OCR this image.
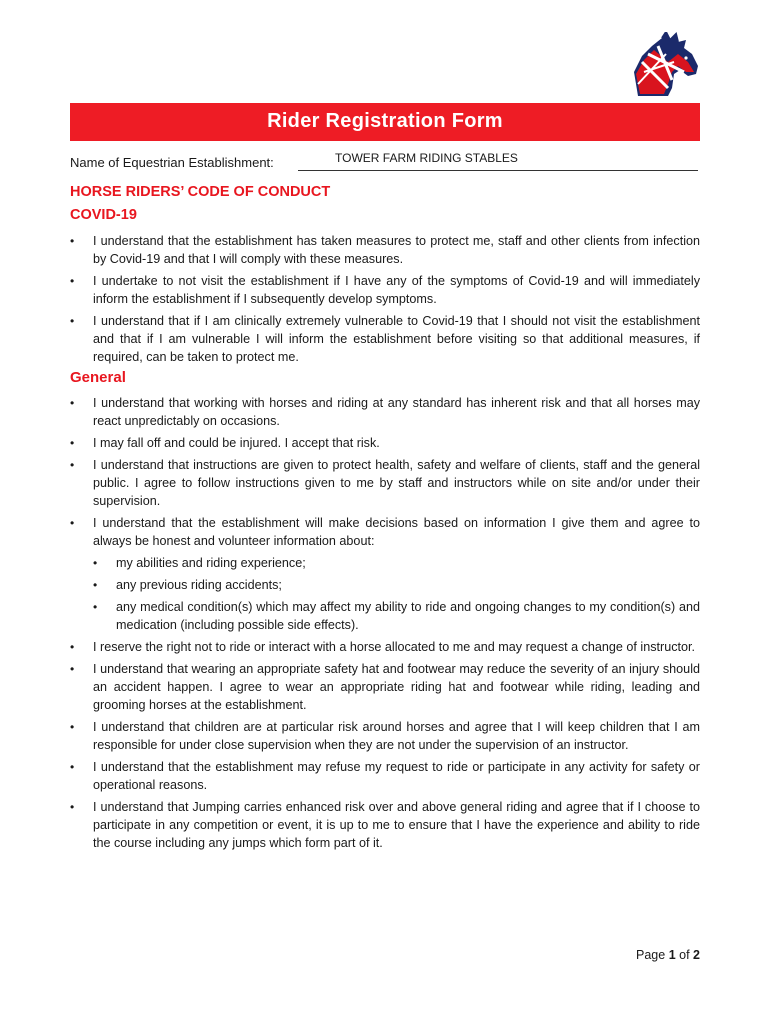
Rider Registration Form
Name of Equestrian Establishment:	TOWER FARM RIDING STABLES
HORSE RIDERS’ CODE OF CONDUCT
COVID-19
•	I understand that the establishment has taken measures to protect me, staff and other clients from infection by Covid-19 and that I will comply with these measures.
•	I undertake to not visit the establishment if I have any of the symptoms of Covid-19 and will immediately inform the establishment if I subsequently develop symptoms.
•	I understand that if I am clinically extremely vulnerable to Covid-19 that I should not visit the establishment and that if I am vulnerable I will inform the establishment before visiting so that additional measures, if required, can be taken to protect me.
General
•	I understand that working with horses and riding at any standard has inherent risk and that all horses may react unpredictably on occasions.
•	I may fall off and could be injured. I accept that risk.
•	I understand that instructions are given to protect health, safety and welfare of clients, staff and the general public. I agree to follow instructions given to me by staff and instructors while on site and/or under their supervision.
•	I understand that the establishment will make decisions based on information I give them and agree to always be honest and volunteer information about:
•	my abilities and riding experience;
•	any previous riding accidents;
•	any medical condition(s) which may affect my ability to ride and ongoing changes to my condition(s) and medication (including possible side effects).
•	I reserve the right not to ride or interact with a horse allocated to me and may request a change of instructor.
•	I understand that wearing an appropriate safety hat and footwear may reduce the severity of an injury should an accident happen. I agree to wear an appropriate riding hat and footwear while riding, leading and grooming horses at the establishment.
•	I understand that children are at particular risk around horses and agree that I will keep children that I am responsible for under close supervision when they are not under the supervision of an instructor.
•	I understand that the establishment may refuse my request to ride or participate in any activity for safety or operational reasons.
•	I understand that Jumping carries enhanced risk over and above general riding and agree that if I choose to participate in any competition or event, it is up to me to ensure that I have the experience and ability to ride the course including any jumps which form part of it.
Page 1 of 2
